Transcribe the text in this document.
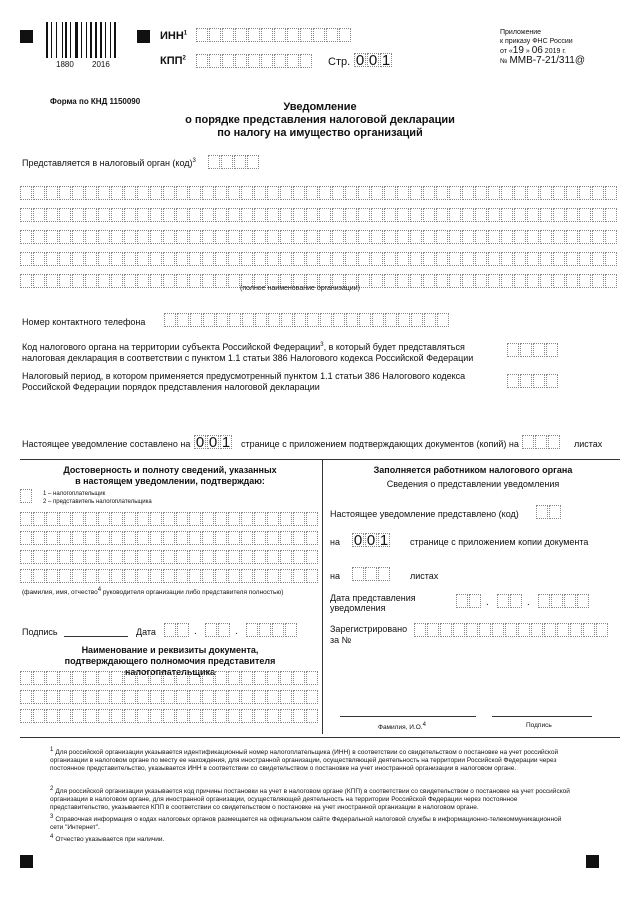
1880 2016
ИНН$^1$
КПП$^2$	Стр. 0 0 1
Приложение
к приказу ФНС России
от «19 » 06 2019 г.
№ ММВ-7-21/311@
Форма по КНД 1150090	Уведомление
о порядке представления налоговой декларации
по налогу на имущество организаций
Представляется в налоговый орган (код)$^3$
(полное наименование организации)
Номер контактного телефона
Код налогового органа на территории субъекта Российской Федерации$^3$, в который будет представляться
налоговая декларация в соответствии с пунктом 1.1 статьи 386 Налогового кодекса Российской Федерации
Налоговый период, в котором применяется предусмотренный пунктом 1.1 статьи 386 Налогового кодекса
Российской Федерации порядок представления налоговой декларации
Настоящее уведомление составлено на 0 0 1 странице с приложением подтверждающих документов (копий) на	листах
Достоверность и полноту сведений, указанных
в настоящем уведомлении, подтверждаю:
1 – налогоплательщик
2 – представитель налогоплательщика
(фамилия, имя, отчество4 руководителя организации либо представителя полностью)
Подпись	Дата	.	.
Наименование и реквизиты документа,
подтверждающего полномочия представителя налогоплательщика
Заполняется работником налогового органа
Сведения о представлении уведомления
Настоящее уведомление представлено (код)
на 0 0 1 странице с приложением копии документа
на	листах
Дата представления
уведомления	.	.
Зарегистрировано
за №
Фамилия, И.О.4	Подпись
1 Для российской организации указывается идентификационный номер налогоплательщика (ИНН) в соответствии со свидетельством о постановке на учет российской организации в налоговом органе по месту ее нахождения, для иностранной организации, осуществляющей деятельность на территории Российской Федерации через постоянное представительство, указывается ИНН в соответствии со свидетельством о постановке на учет иностранной организации в налоговом органе.
2 Для российской организации указывается код причины постановки на учет в налоговом органе (КПП) в соответствии со свидетельством о постановке на учет российской организации в налоговом органе, для иностранной организации, осуществляющей деятельность на территории Российской Федерации через постоянное представительство, указывается КПП в соответствии со свидетельством о постановке на учет иностранной организации в налоговом органе.
3 Справочная информация о кодах налоговых органов размещается на официальном сайте Федеральной налоговой службы в информационно-телекоммуникационной сети "Интернет".
4 Отчество указывается при наличии.
